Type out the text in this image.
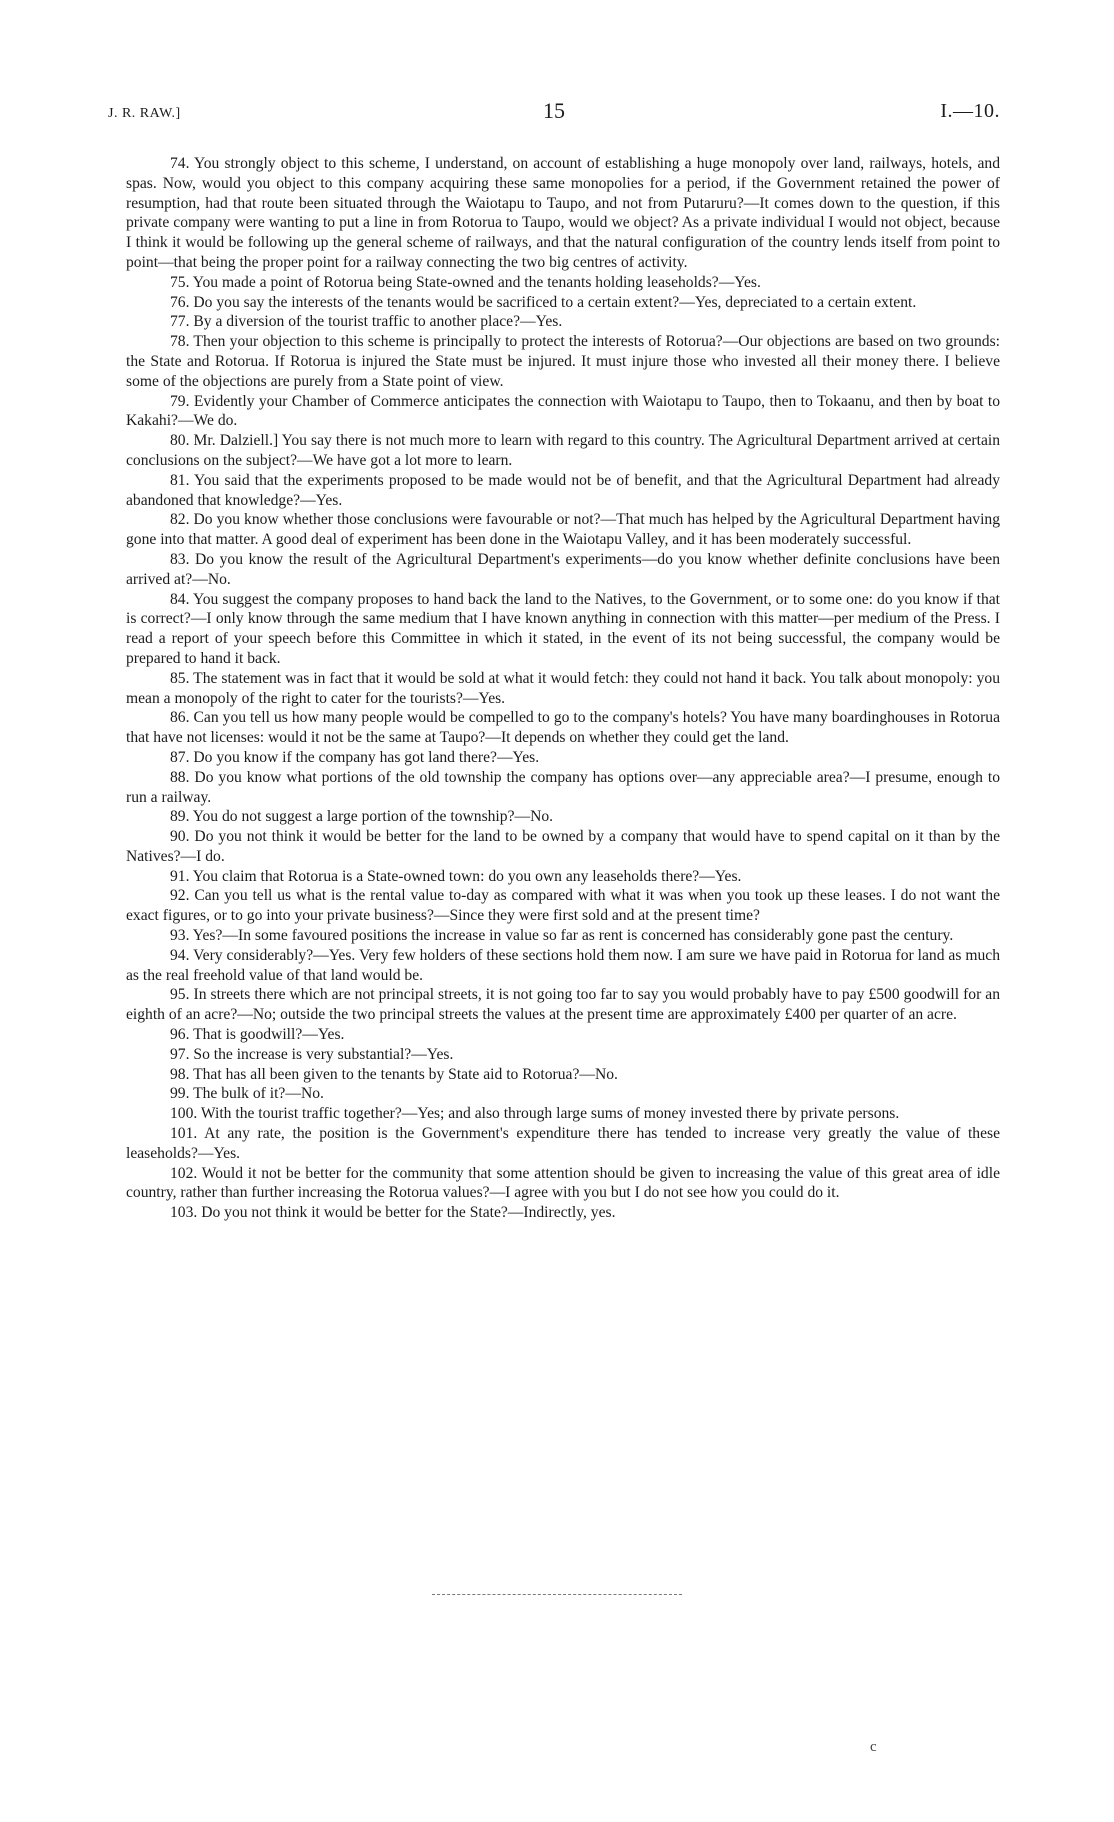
J. R. RAW.]	15	I.—10.

74. You strongly object to this scheme, I understand, on account of establishing a huge monopoly over land, railways, hotels, and spas. Now, would you object to this company acquiring these same monopolies for a period, if the Government retained the power of resumption, had that route been situated through the Waiotapu to Taupo, and not from Putaruru?—It comes down to the question, if this private company were wanting to put a line in from Rotorua to Taupo, would we object? As a private individual I would not object, because I think it would be following up the general scheme of railways, and that the natural configuration of the country lends itself from point to point—that being the proper point for a railway connecting the two big centres of activity.

75. You made a point of Rotorua being State-owned and the tenants holding leaseholds?—Yes.

76. Do you say the interests of the tenants would be sacrificed to a certain extent?—Yes, depreciated to a certain extent.

77. By a diversion of the tourist traffic to another place?—Yes.

78. Then your objection to this scheme is principally to protect the interests of Rotorua?—Our objections are based on two grounds: the State and Rotorua. If Rotorua is injured the State must be injured. It must injure those who invested all their money there. I believe some of the objections are purely from a State point of view.

79. Evidently your Chamber of Commerce anticipates the connection with Waiotapu to Taupo, then to Tokaanu, and then by boat to Kakahi?—We do.

80. Mr. Dalziell.] You say there is not much more to learn with regard to this country. The Agricultural Department arrived at certain conclusions on the subject?—We have got a lot more to learn.

81. You said that the experiments proposed to be made would not be of benefit, and that the Agricultural Department had already abandoned that knowledge?—Yes.

82. Do you know whether those conclusions were favourable or not?—That much has helped by the Agricultural Department having gone into that matter. A good deal of experiment has been done in the Waiotapu Valley, and it has been moderately successful.

83. Do you know the result of the Agricultural Department's experiments—do you know whether definite conclusions have been arrived at?—No.

84. You suggest the company proposes to hand back the land to the Natives, to the Government, or to some one: do you know if that is correct?—I only know through the same medium that I have known anything in connection with this matter—per medium of the Press. I read a report of your speech before this Committee in which it stated, in the event of its not being successful, the company would be prepared to hand it back.

85. The statement was in fact that it would be sold at what it would fetch: they could not hand it back. You talk about monopoly: you mean a monopoly of the right to cater for the tourists?—Yes.

86. Can you tell us how many people would be compelled to go to the company's hotels? You have many boardinghouses in Rotorua that have not licenses: would it not be the same at Taupo?—It depends on whether they could get the land.

87. Do you know if the company has got land there?—Yes.

88. Do you know what portions of the old township the company has options over—any appreciable area?—I presume, enough to run a railway.

89. You do not suggest a large portion of the township?—No.

90. Do you not think it would be better for the land to be owned by a company that would have to spend capital on it than by the Natives?—I do.

91. You claim that Rotorua is a State-owned town: do you own any leaseholds there?—Yes.

92. Can you tell us what is the rental value to-day as compared with what it was when you took up these leases. I do not want the exact figures, or to go into your private business?—Since they were first sold and at the present time?

93. Yes?—In some favoured positions the increase in value so far as rent is concerned has considerably gone past the century.

94. Very considerably?—Yes. Very few holders of these sections hold them now. I am sure we have paid in Rotorua for land as much as the real freehold value of that land would be.

95. In streets there which are not principal streets, it is not going too far to say you would probably have to pay £500 goodwill for an eighth of an acre?—No; outside the two principal streets the values at the present time are approximately £400 per quarter of an acre.

96. That is goodwill?—Yes.

97. So the increase is very substantial?—Yes.

98. That has all been given to the tenants by State aid to Rotorua?—No.

99. The bulk of it?—No.

100. With the tourist traffic together?—Yes; and also through large sums of money invested there by private persons.

101. At any rate, the position is the Government's expenditure there has tended to increase very greatly the value of these leaseholds?—Yes.

102. Would it not be better for the community that some attention should be given to increasing the value of this great area of idle country, rather than further increasing the Rotorua values?—I agree with you but I do not see how you could do it.

103. Do you not think it would be better for the State?—Indirectly, yes.

c
